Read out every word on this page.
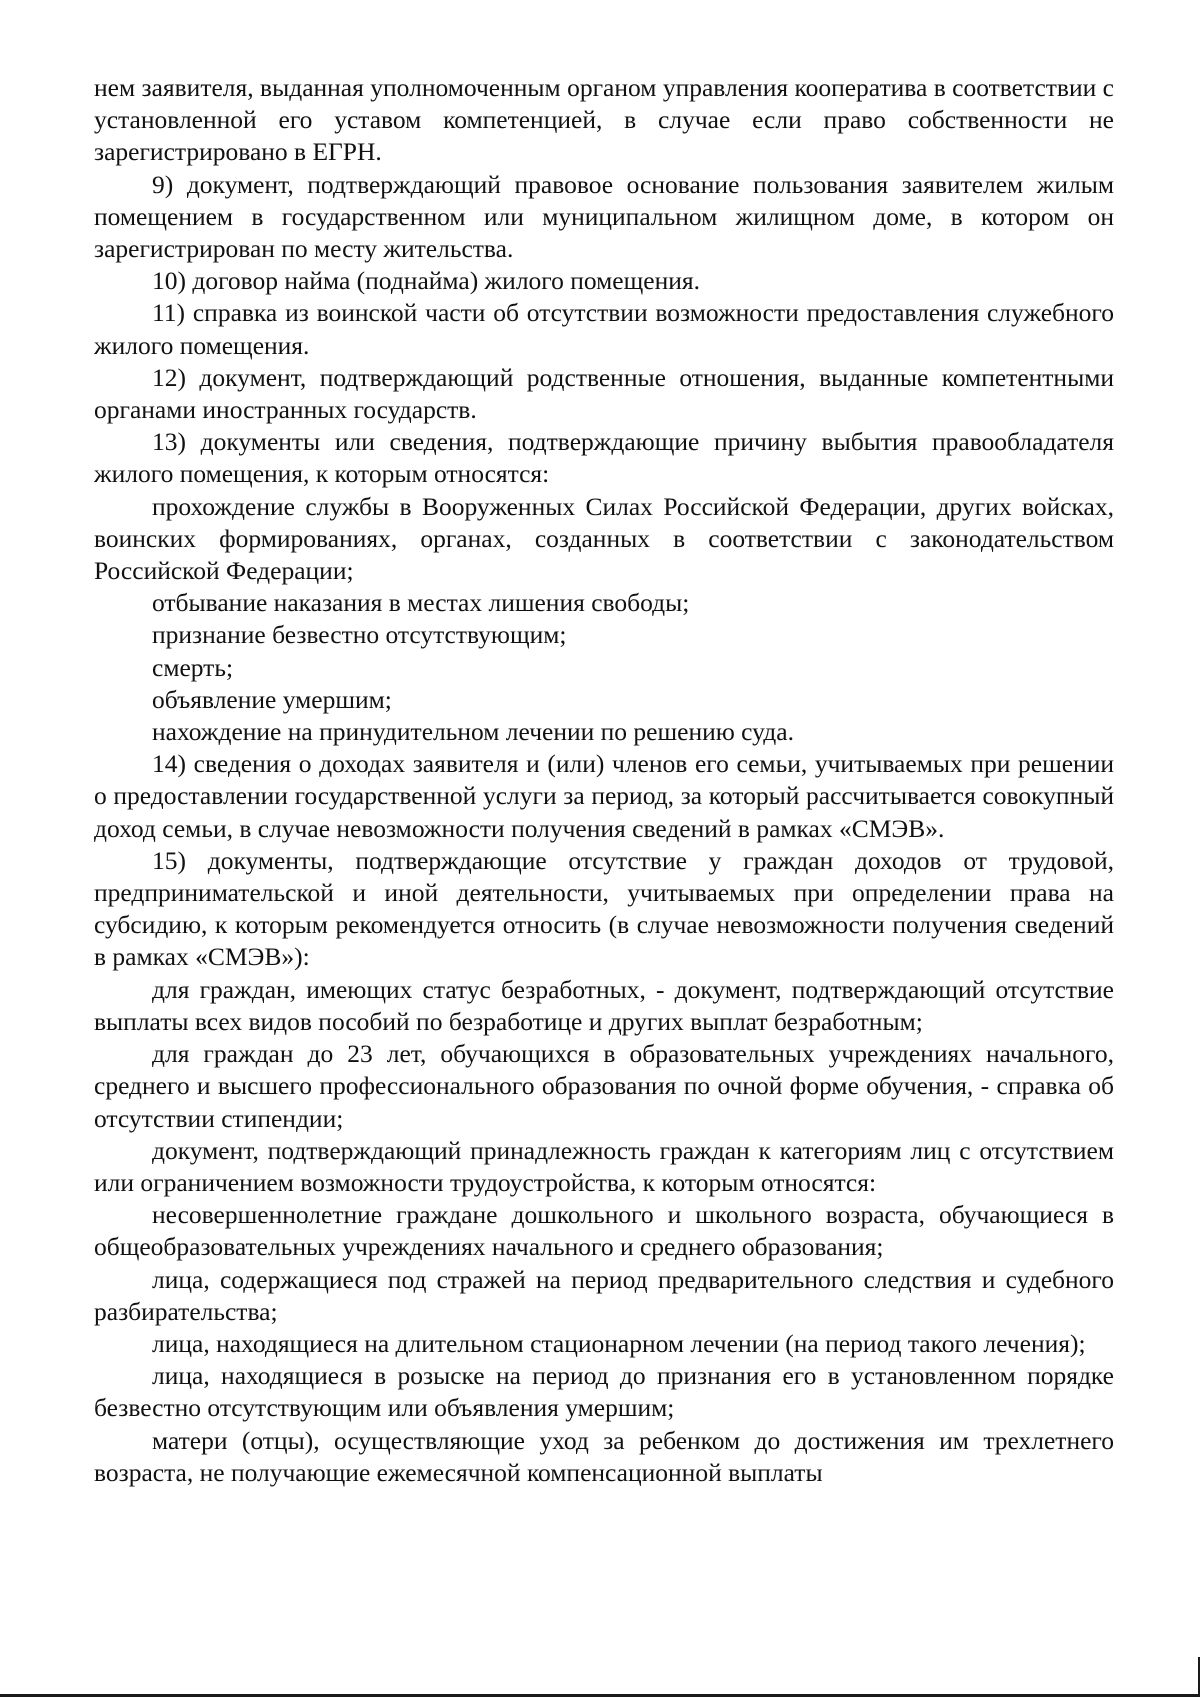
нем заявителя, выданная уполномоченным органом управления кооператива в соответствии с установленной его уставом компетенцией, в случае если право собственности не зарегистрировано в ЕГРН.

9) документ, подтверждающий правовое основание пользования заявителем жилым помещением в государственном или муниципальном жилищном доме, в котором он зарегистрирован по месту жительства.

10) договор найма (поднайма) жилого помещения.

11) справка из воинской части об отсутствии возможности предоставления служебного жилого помещения.

12) документ, подтверждающий родственные отношения, выданные компетентными органами иностранных государств.

13) документы или сведения, подтверждающие причину выбытия правообладателя жилого помещения, к которым относятся:

прохождение службы в Вооруженных Силах Российской Федерации, других войсках, воинских формированиях, органах, созданных в соответствии с законодательством Российской Федерации;

отбывание наказания в местах лишения свободы;

признание безвестно отсутствующим;

смерть;

объявление умершим;

нахождение на принудительном лечении по решению суда.

14) сведения о доходах заявителя и (или) членов его семьи, учитываемых при решении о предоставлении государственной услуги за период, за который рассчитывается совокупный доход семьи, в случае невозможности получения сведений в рамках «СМЭВ».

15) документы, подтверждающие отсутствие у граждан доходов от трудовой, предпринимательской и иной деятельности, учитываемых при определении права на субсидию, к которым рекомендуется относить (в случае невозможности получения сведений в рамках «СМЭВ»):

для граждан, имеющих статус безработных, - документ, подтверждающий отсутствие выплаты всех видов пособий по безработице и других выплат безработным;

для граждан до 23 лет, обучающихся в образовательных учреждениях начального, среднего и высшего профессионального образования по очной форме обучения, - справка об отсутствии стипендии;

документ, подтверждающий принадлежность граждан к категориям лиц с отсутствием или ограничением возможности трудоустройства, к которым относятся:

несовершеннолетние граждане дошкольного и школьного возраста, обучающиеся в общеобразовательных учреждениях начального и среднего образования;

лица, содержащиеся под стражей на период предварительного следствия и судебного разбирательства;

лица, находящиеся на длительном стационарном лечении (на период такого лечения);

лица, находящиеся в розыске на период до признания его в установленном порядке безвестно отсутствующим или объявления умершим;

матери (отцы), осуществляющие уход за ребенком до достижения им трехлетнего возраста, не получающие ежемесячной компенсационной выплаты
